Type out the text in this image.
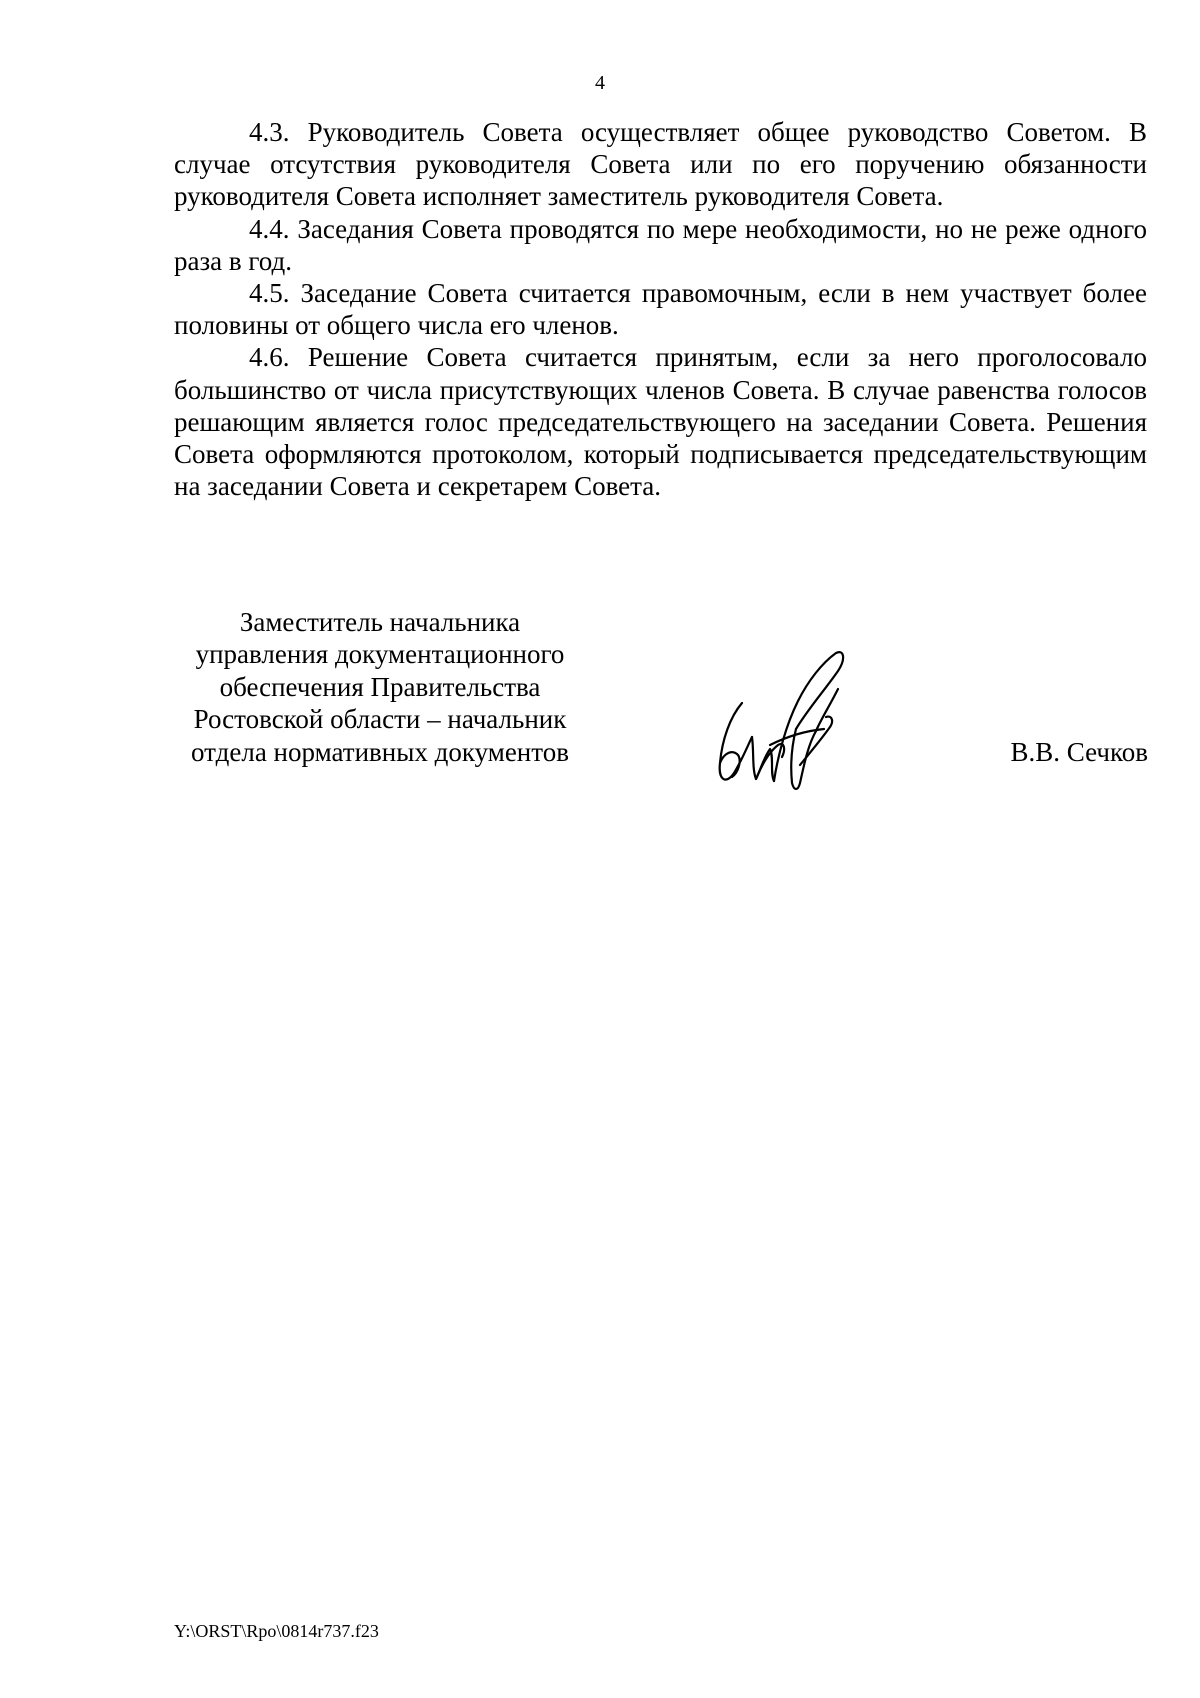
4

4.3. Руководитель Совета осуществляет общее руководство Советом. В случае отсутствия руководителя Совета или по его поручению обязанности руководителя Совета исполняет заместитель руководителя Совета.

4.4. Заседания Совета проводятся по мере необходимости, но не реже одного раза в год.

4.5. Заседание Совета считается правомочным, если в нем участвует более половины от общего числа его членов.

4.6. Решение Совета считается принятым, если за него проголосовало большинство от числа присутствующих членов Совета. В случае равенства голосов решающим является голос председательствующего на заседании Совета. Решения Совета оформляются протоколом, который подписывается председательствующим на заседании Совета и секретарем Совета.

Заместитель начальника
управления документационного
обеспечения Правительства
Ростовской области – начальник
отдела нормативных документов	В.В. Сечков
Y:\ORST\Rpo\0814r737.f23
